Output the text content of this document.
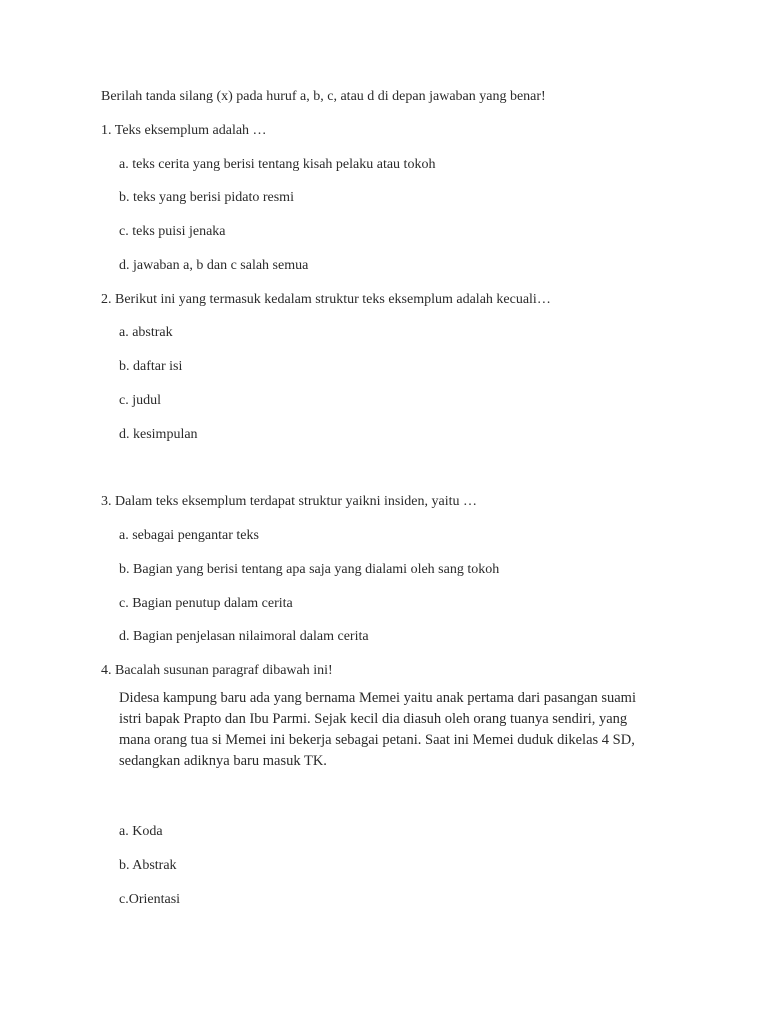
Berilah tanda silang (x) pada huruf a, b, c, atau d di depan jawaban yang benar!
1. Teks eksemplum adalah …
a. teks cerita yang berisi tentang kisah pelaku atau tokoh
b. teks yang berisi pidato resmi
c. teks puisi jenaka
d. jawaban a, b dan c salah semua
2. Berikut ini yang termasuk kedalam struktur teks eksemplum adalah kecuali…
a. abstrak
b. daftar isi
c. judul
d. kesimpulan
3. Dalam teks eksemplum terdapat struktur yaikni insiden, yaitu …
a. sebagai pengantar teks
b. Bagian yang berisi tentang apa saja yang dialami oleh sang tokoh
c. Bagian penutup dalam cerita
d. Bagian penjelasan nilaimoral dalam cerita
4. Bacalah susunan paragraf dibawah ini!
Didesa kampung baru ada yang bernama Memei yaitu anak pertama dari pasangan suami
istri bapak Prapto dan Ibu Parmi. Sejak kecil dia diasuh oleh orang tuanya sendiri, yang
mana orang tua si Memei ini bekerja sebagai petani. Saat ini Memei duduk dikelas 4 SD,
sedangkan adiknya baru masuk TK.
a. Koda
b. Abstrak
c.Orientasi
